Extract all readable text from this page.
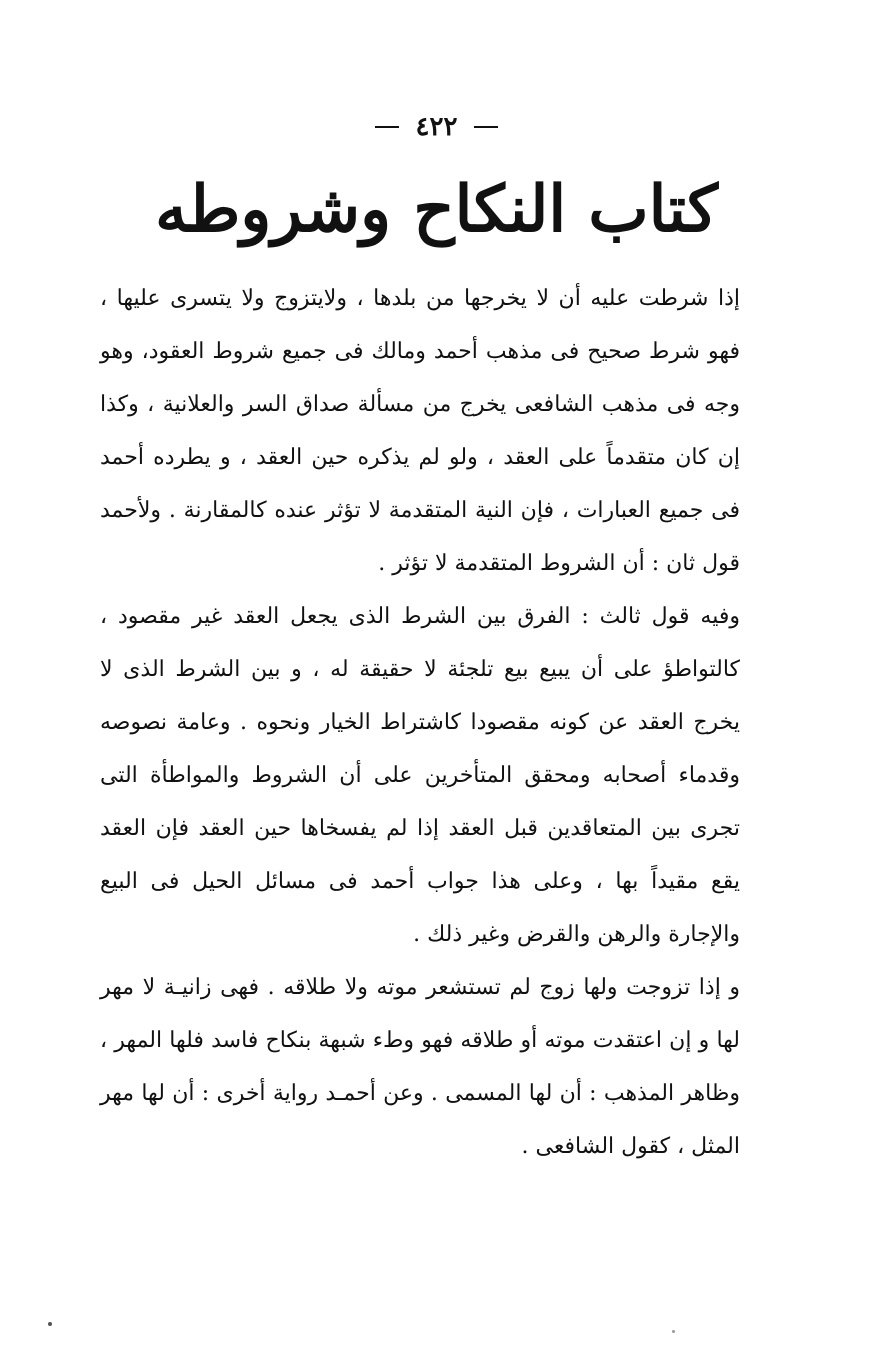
٤٢٢
كتاب النكاح وشروطه

إذا شرطت عليه أن لا يخرجها من بلدها ، ولايتزوج ولا يتسرى عليها ، فهو شرط صحيح فى مذهب أحمد ومالك فى جميع شروط العقود، وهو وجه فى مذهب الشافعى يخرج من مسألة صداق السر والعلانية ، وكذا إن كان متقدماً على العقد ، ولو لم يذكره حين العقد ، و يطرده أحمد فى جميع العبارات ، فإن النية المتقدمة لا تؤثر عنده كالمقارنة . ولأحمد قول ثان : أن الشروط المتقدمة لا تؤثر .

وفيه قول ثالث : الفرق بين الشرط الذى يجعل العقد غير مقصود ، كالتواطؤ على أن يبيع بيع تلجئة لا حقيقة له ، و بين الشرط الذى لا يخرج العقد عن كونه مقصودا كاشتراط الخيار ونحوه . وعامة نصوصه وقدماء أصحابه ومحقق المتأخرين على أن الشروط والمواطأة التى تجرى بين المتعاقدين قبل العقد إذا لم يفسخاها حين العقد فإن العقد يقع مقيداً بها ، وعلى هذا جواب أحمد فى مسائل الحيل فى البيع والإجارة والرهن والقرض وغير ذلك .

و إذا تزوجت ولها زوج لم تستشعر موته ولا طلاقه . فهى زانيـة لا مهر لها و إن اعتقدت موته أو طلاقه فهو وطء شبهة بنكاح فاسد فلها المهر ، وظاهر المذهب : أن لها المسمى . وعن أحمـد رواية أخرى : أن لها مهر المثل ، كقول الشافعى .
